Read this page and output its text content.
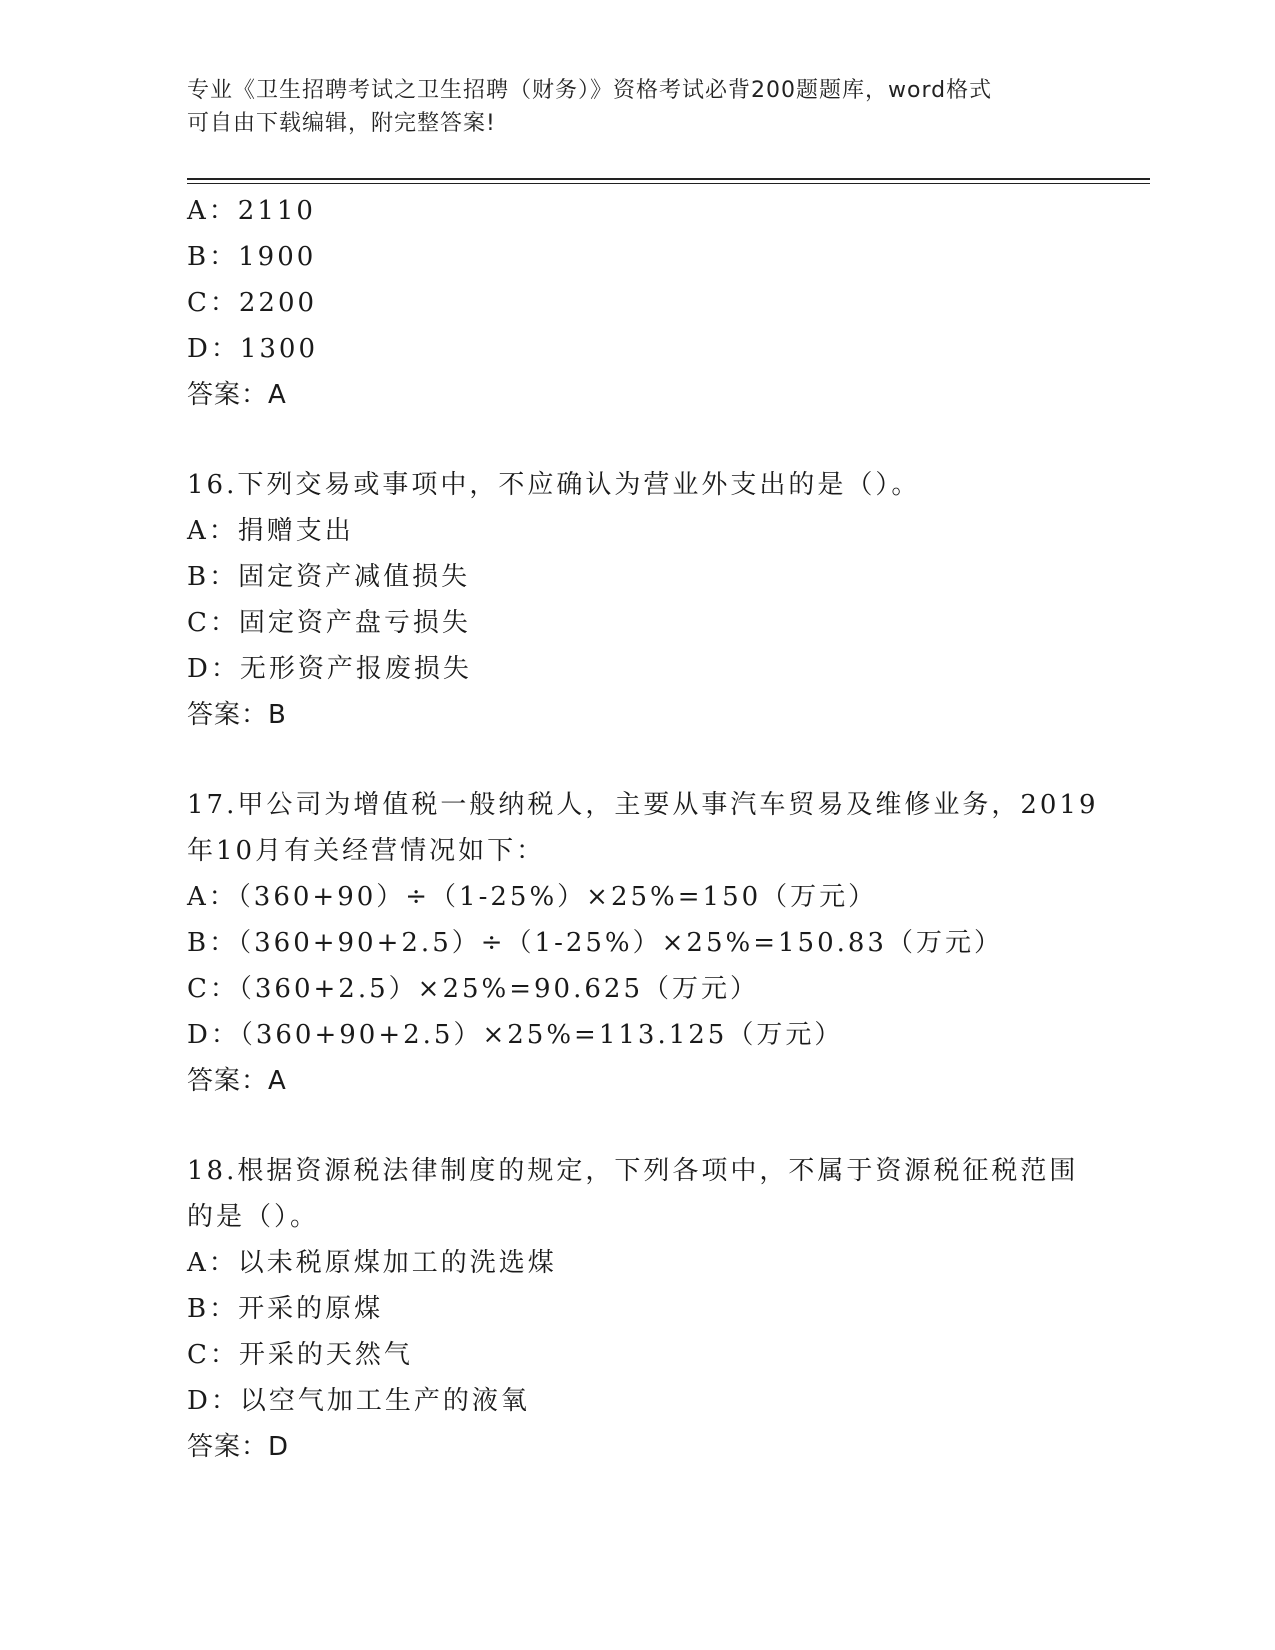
专业《卫生招聘考试之卫生招聘（财务）》资格考试必背200题题库，word格式
可自由下载编辑，附完整答案!
A：2110
B：1900
C：2200
D：1300
答案：A
16.下列交易或事项中，不应确认为营业外支出的是（）。
A：捐赠支出
B：固定资产减值损失
C：固定资产盘亏损失
D：无形资产报废损失
答案：B
17.甲公司为增值税一般纳税人，主要从事汽车贸易及维修业务，2019
年10月有关经营情况如下：
A：（360+90）÷（1-25%）×25%=150（万元）
B：（360+90+2.5）÷（1-25%）×25%=150.83（万元）
C：（360+2.5）×25%=90.625（万元）
D：（360+90+2.5）×25%=113.125（万元）
答案：A
18.根据资源税法律制度的规定，下列各项中，不属于资源税征税范围
的是（）。
A：以未税原煤加工的洗选煤
B：开采的原煤
C：开采的天然气
D：以空气加工生产的液氧
答案：D
